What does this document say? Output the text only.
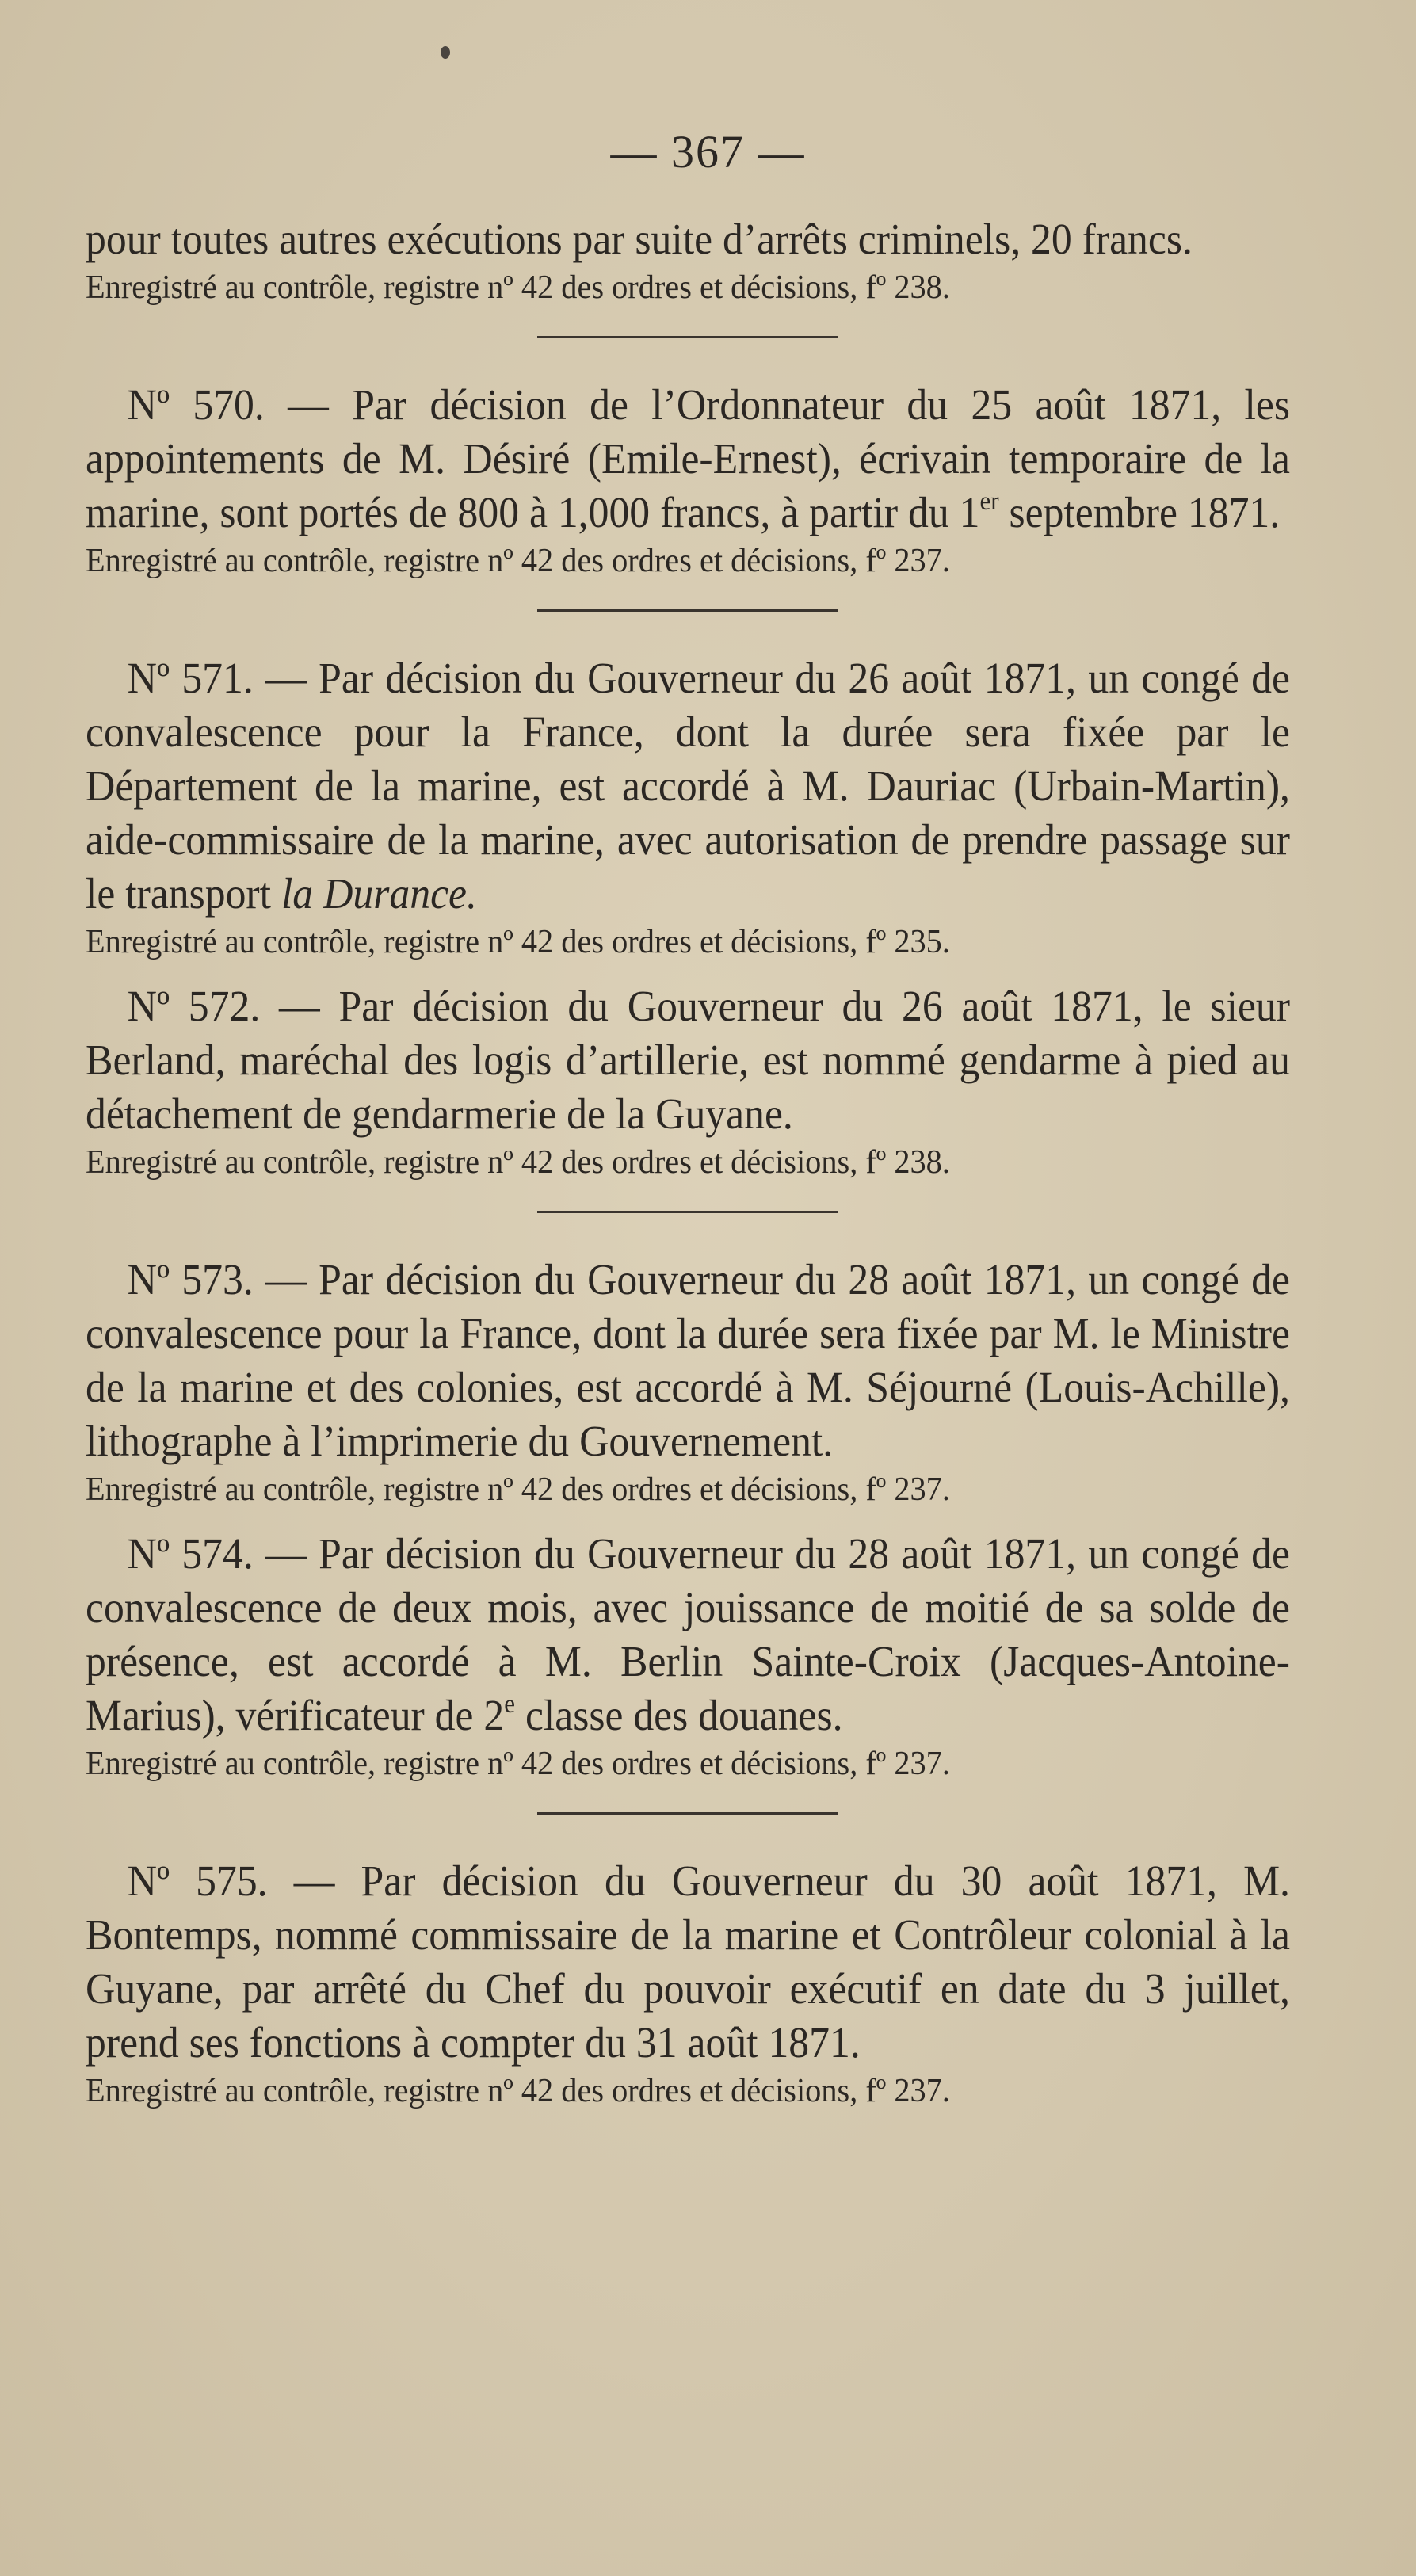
— 367 —

pour toutes autres exécutions par suite d’arrêts criminels, 20 francs.

Enregistré au contrôle, registre nº 42 des ordres et décisions, fº 238.

Nº 570. — Par décision de l’Ordonnateur du 25 août 1871, les appointements de M. Désiré (Emile-Ernest), écrivain temporaire de la marine, sont portés de 800 à 1,000 francs, à partir du 1er septembre 1871.

Enregistré au contrôle, registre nº 42 des ordres et décisions, fº 237.

Nº 571. — Par décision du Gouverneur du 26 août 1871, un congé de convalescence pour la France, dont la durée sera fixée par le Département de la marine, est accordé à M. Dauriac (Urbain-Martin), aide-commissaire de la marine, avec autorisation de prendre passage sur le transport la Durance.

Enregistré au contrôle, registre nº 42 des ordres et décisions, fº 235.

Nº 572. — Par décision du Gouverneur du 26 août 1871, le sieur Berland, maréchal des logis d’artillerie, est nommé gendarme à pied au détachement de gendarmerie de la Guyane.

Enregistré au contrôle, registre nº 42 des ordres et décisions, fº 238.

Nº 573. — Par décision du Gouverneur du 28 août 1871, un congé de convalescence pour la France, dont la durée sera fixée par M. le Ministre de la marine et des colonies, est accordé à M. Séjourné (Louis-Achille), lithographe à l’imprimerie du Gouvernement.

Enregistré au contrôle, registre nº 42 des ordres et décisions, fº 237.

Nº 574. — Par décision du Gouverneur du 28 août 1871, un congé de convalescence de deux mois, avec jouissance de moitié de sa solde de présence, est accordé à M. Berlin Sainte-Croix (Jacques-Antoine-Marius), vérificateur de 2e classe des douanes.

Enregistré au contrôle, registre nº 42 des ordres et décisions, fº 237.

Nº 575. — Par décision du Gouverneur du 30 août 1871, M. Bontemps, nommé commissaire de la marine et Contrôleur colonial à la Guyane, par arrêté du Chef du pouvoir exécutif en date du 3 juillet, prend ses fonctions à compter du 31 août 1871.

Enregistré au contrôle, registre nº 42 des ordres et décisions, fº 237.
